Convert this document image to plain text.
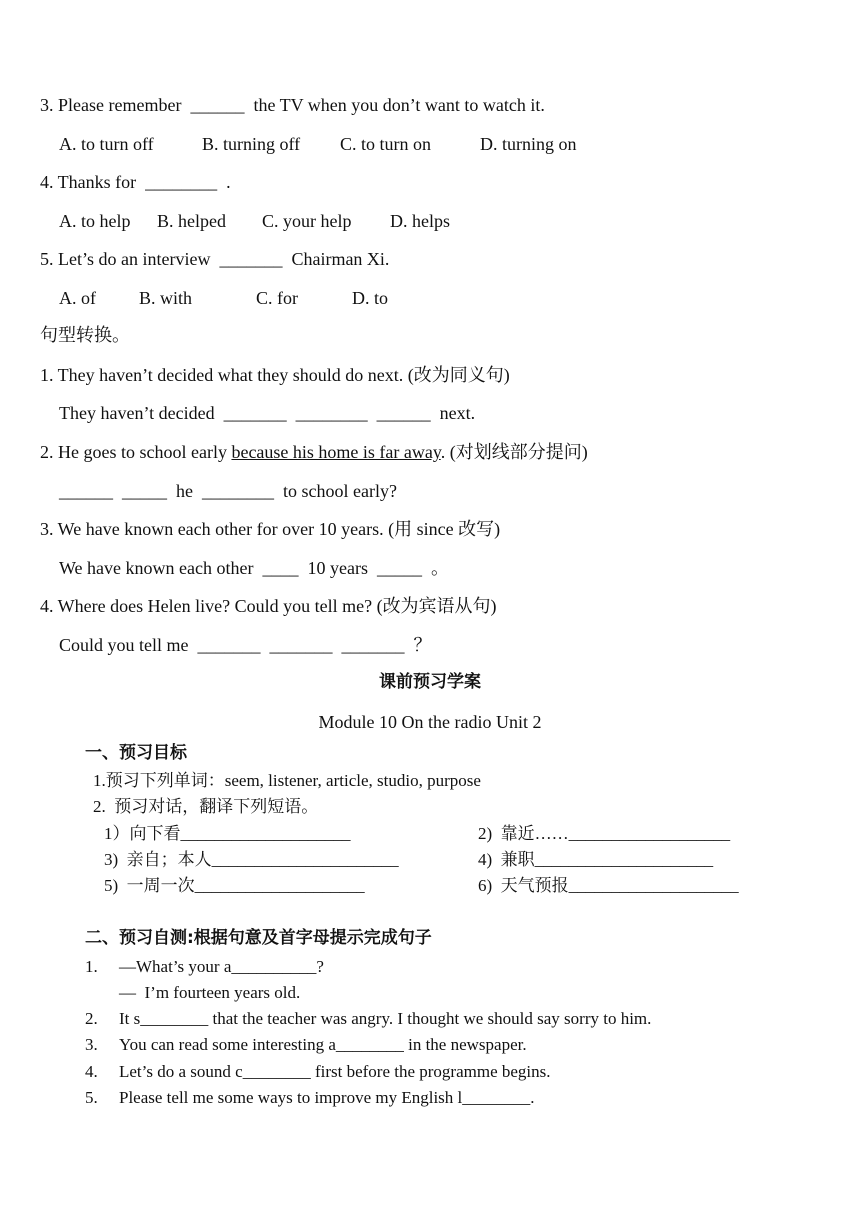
3. Please remember  ______  the TV when you don’t want to watch it.
A. to turn off	B. turning off C. to turn on	D. turning on
4. Thanks for  ________  .
A. to help B. helped C. your help D. helps
5. Let’s do an interview  _______  Chairman Xi.
A. of B. with	C. for	D. to
句型转换。
1. They haven’t decided what they should do next. (改为同义句)
They haven’t decided  _______  ________  ______  next.
2. He goes to school early because his home is far away. (对划线部分提问)
______  _____  he  ________  to school early?
3. We have known each other for over 10 years. (用 since 改写)
We have known each other  ____  10 years  _____  。
4. Where does Helen live? Could you tell me? (改为宾语从句)
Could you tell me  _______  _______  _______  ？
课前预习学案
Module 10 On the radio Unit 2
一、预习目标
1.预习下列单词：seem, listener, article, studio, purpose
2.  预习对话，翻译下列短语。
1）向下看____________________	2)  靠近……___________________
3)  亲自；本人______________________	4)  兼职_____________________
5)  一周一次____________________	6)  天气预报____________________
二、预习自测:根据句意及首字母提示完成句子
1. —What’s your a__________?
—  I’m fourteen years old.
2. It s________ that the teacher was angry. I thought we should say sorry to him.
3. You can read some interesting a________ in the newspaper.
4. Let’s do a sound c________ first before the programme begins.
5. Please tell me some ways to improve my English l________.
